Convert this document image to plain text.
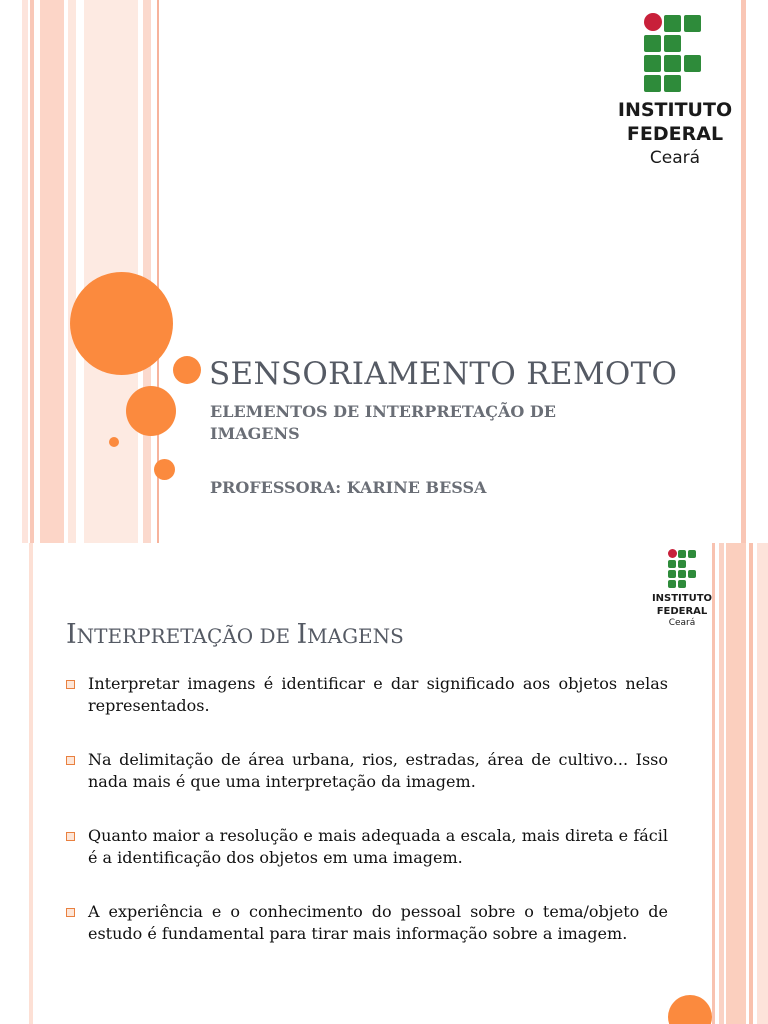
INSTITUTO
FEDERAL
Ceará
SENSORIAMENTO REMOTO
ELEMENTOS DE INTERPRETAÇÃO DE IMAGENS
PROFESSORA: KARINE BESSA
INSTITUTO
FEDERAL
Ceará
INTERPRETAÇÃO DE IMAGENS
Interpretar imagens é identificar e dar significado aos objetos nelas representados.
Na delimitação de área urbana, rios, estradas, área de cultivo... Isso nada mais é que uma interpretação da imagem.
Quanto maior a resolução e mais adequada a escala, mais direta e fácil é a identificação dos objetos em uma imagem.
A experiência e o conhecimento do pessoal sobre o tema/objeto de estudo é fundamental para tirar mais informação sobre a imagem.
